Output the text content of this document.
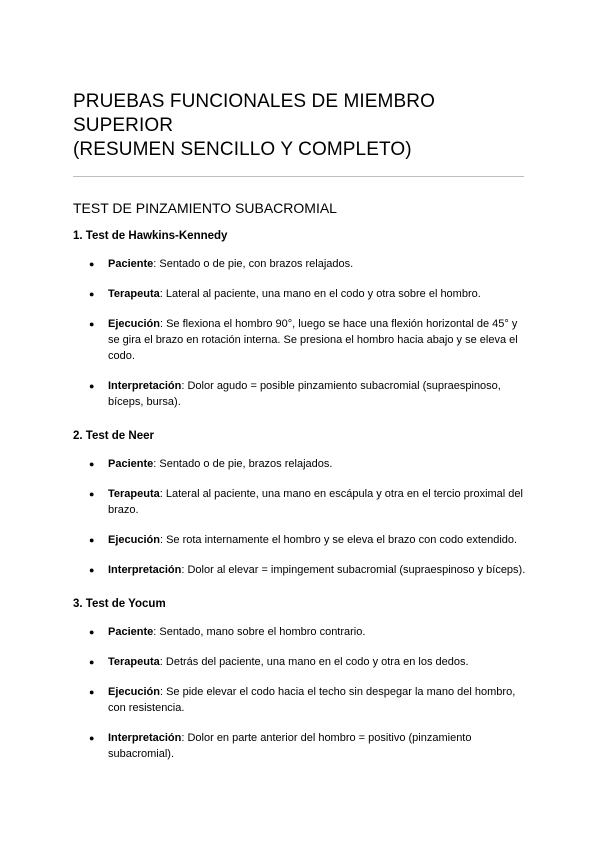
PRUEBAS FUNCIONALES DE MIEMBRO SUPERIOR
(RESUMEN SENCILLO Y COMPLETO)
TEST DE PINZAMIENTO SUBACROMIAL
1. Test de Hawkins-Kennedy
● Paciente: Sentado o de pie, con brazos relajados.
● Terapeuta: Lateral al paciente, una mano en el codo y otra sobre el hombro.
● Ejecución: Se flexiona el hombro 90°, luego se hace una flexión horizontal de 45° y se gira el brazo en rotación interna. Se presiona el hombro hacia abajo y se eleva el codo.
● Interpretación: Dolor agudo = posible pinzamiento subacromial (supraespinoso, bíceps, bursa).
2. Test de Neer
● Paciente: Sentado o de pie, brazos relajados.
● Terapeuta: Lateral al paciente, una mano en escápula y otra en el tercio proximal del brazo.
● Ejecución: Se rota internamente el hombro y se eleva el brazo con codo extendido.
● Interpretación: Dolor al elevar = impingement subacromial (supraespinoso y bíceps).
3. Test de Yocum
● Paciente: Sentado, mano sobre el hombro contrario.
● Terapeuta: Detrás del paciente, una mano en el codo y otra en los dedos.
● Ejecución: Se pide elevar el codo hacia el techo sin despegar la mano del hombro, con resistencia.
● Interpretación: Dolor en parte anterior del hombro = positivo (pinzamiento subacromial).
